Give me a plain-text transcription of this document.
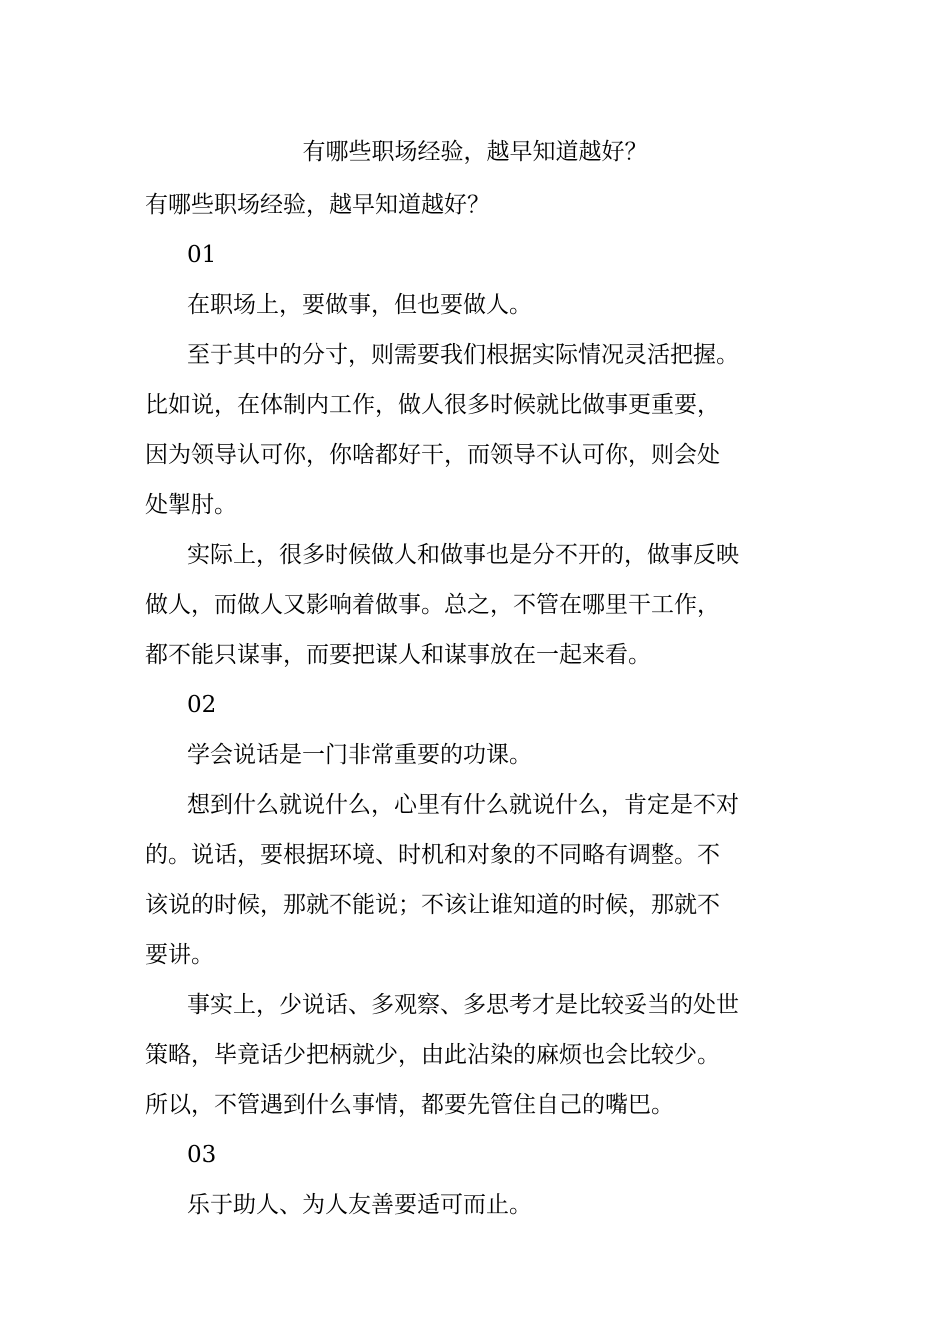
有哪些职场经验，越早知道越好？
有哪些职场经验，越早知道越好？
01
在职场上，要做事，但也要做人。
至于其中的分寸，则需要我们根据实际情况灵活把握。
比如说，在体制内工作，做人很多时候就比做事更重要，
因为领导认可你，你啥都好干，而领导不认可你，则会处
处掣肘。
实际上，很多时候做人和做事也是分不开的，做事反映
做人，而做人又影响着做事。总之，不管在哪里干工作，
都不能只谋事，而要把谋人和谋事放在一起来看。
02
学会说话是一门非常重要的功课。
想到什么就说什么，心里有什么就说什么，肯定是不对
的。说话，要根据环境、时机和对象的不同略有调整。不
该说的时候，那就不能说；不该让谁知道的时候，那就不
要讲。
事实上，少说话、多观察、多思考才是比较妥当的处世
策略，毕竟话少把柄就少，由此沾染的麻烦也会比较少。
所以，不管遇到什么事情，都要先管住自己的嘴巴。
03
乐于助人、为人友善要适可而止。
